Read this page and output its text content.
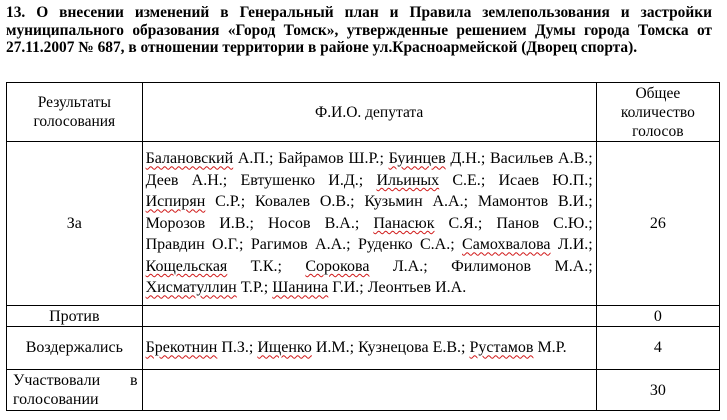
13. О внесении изменений в Генеральный план и Правила землепользования и застройки муниципального образования «Город Томск», утвержденные решением Думы города Томска от 27.11.2007 № 687, в отношении территории в районе ул.Красноармейской (Дворец спорта).

Результаты голосования	Ф.И.О. депутата	Общее количество голосов
За	Балановский А.П.; Байрамов Ш.Р.; Буинцев Д.Н.; Васильев А.В.; Деев А.Н.; Евтушенко И.Д.; Ильиных С.Е.; Исаев Ю.П.; Испирян С.Р.; Ковалев О.В.; Кузьмин А.А.; Мамонтов В.И.; Морозов И.В.; Носов В.А.; Панасюк С.Я.; Панов С.Ю.; Правдин О.Г.; Рагимов А.А.; Руденко С.А.; Самохвалова Л.И.; Кощельская Т.К.; Сорокова Л.А.; Филимонов М.А.; Хисматуллин Т.Р.; Шанина Г.И.; Леонтьев И.А.	26
Против		0
Воздержались	Брекотнин П.З.; Ищенко И.М.; Кузнецова Е.В.; Рустамов М.Р.	4
Участвовали в голосовании		30
